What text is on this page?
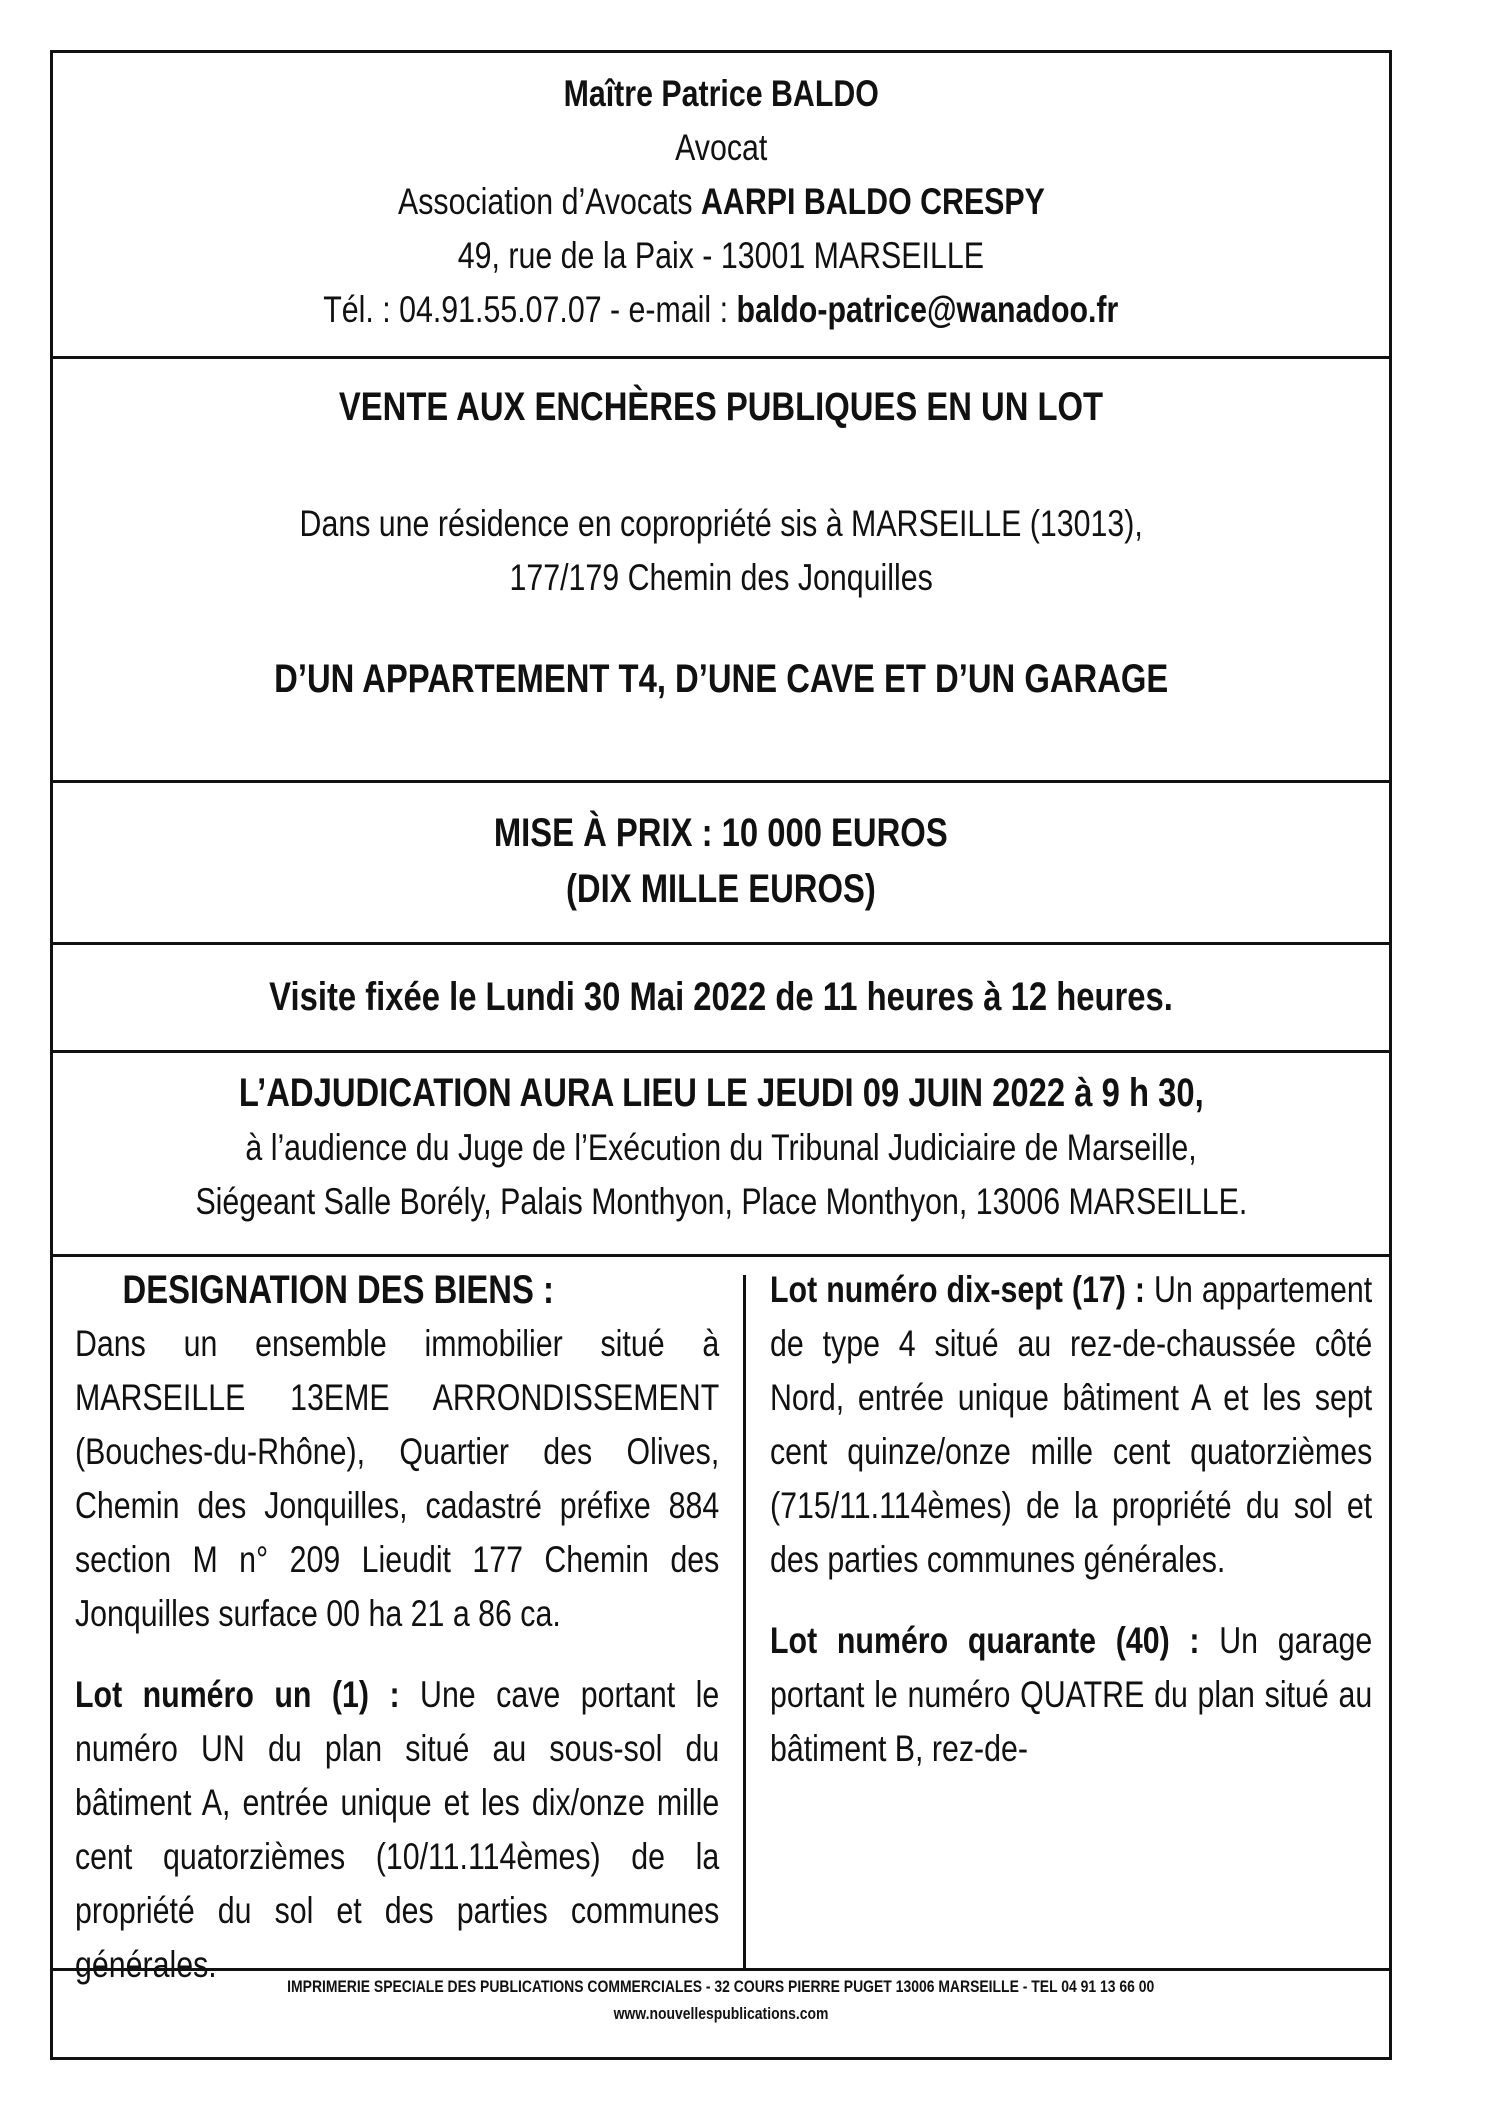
Maître Patrice BALDO
Avocat
Association d’Avocats AARPI BALDO CRESPY
49, rue de la Paix - 13001 MARSEILLE
Tél. : 04.91.55.07.07 - e-mail : baldo-patrice@wanadoo.fr
VENTE AUX ENCHÈRES PUBLIQUES EN UN LOT
Dans une résidence en copropriété sis à MARSEILLE (13013),
177/179 Chemin des Jonquilles
D’UN APPARTEMENT T4, D’UNE CAVE ET D’UN GARAGE
MISE À PRIX : 10 000 EUROS
(DIX MILLE EUROS)
Visite fixée le Lundi 30 Mai 2022 de 11 heures à 12 heures.
L’ADJUDICATION AURA LIEU LE JEUDI 09 JUIN 2022 à 9 h 30,
à l’audience du Juge de l’Exécution du Tribunal Judiciaire de Marseille,
Siégeant Salle Borély, Palais Monthyon, Place Monthyon, 13006 MARSEILLE.
DESIGNATION DES BIENS :

Dans un ensemble immobilier situé à MARSEILLE 13EME ARRONDISSEMENT (Bouches-du-Rhône), Quartier des Olives, Chemin des Jonquilles, cadastré préfixe 884 section M n° 209 Lieudit 177 Chemin des Jonquilles surface 00 ha 21 a 86 ca.

Lot numéro un (1) : Une cave portant le numéro UN du plan situé au sous-sol du bâtiment A, entrée unique et les dix/onze mille cent quatorzièmes (10/11.114èmes) de la propriété du sol et des parties communes générales.

Lot numéro dix-sept (17) : Un appartement de type 4 situé au rez-de-chaussée côté Nord, entrée unique bâtiment A et les sept cent quinze/onze mille cent quatorzièmes (715/11.114èmes) de la propriété du sol et des parties communes générales.

Lot numéro quarante (40) : Un garage portant le numéro QUATRE du plan situé au bâtiment B, rez-de-

IMPRIMERIE SPECIALE DES PUBLICATIONS COMMERCIALES - 32 COURS PIERRE PUGET 13006 MARSEILLE - TEL 04 91 13 66 00
www.nouvellespublications.com
